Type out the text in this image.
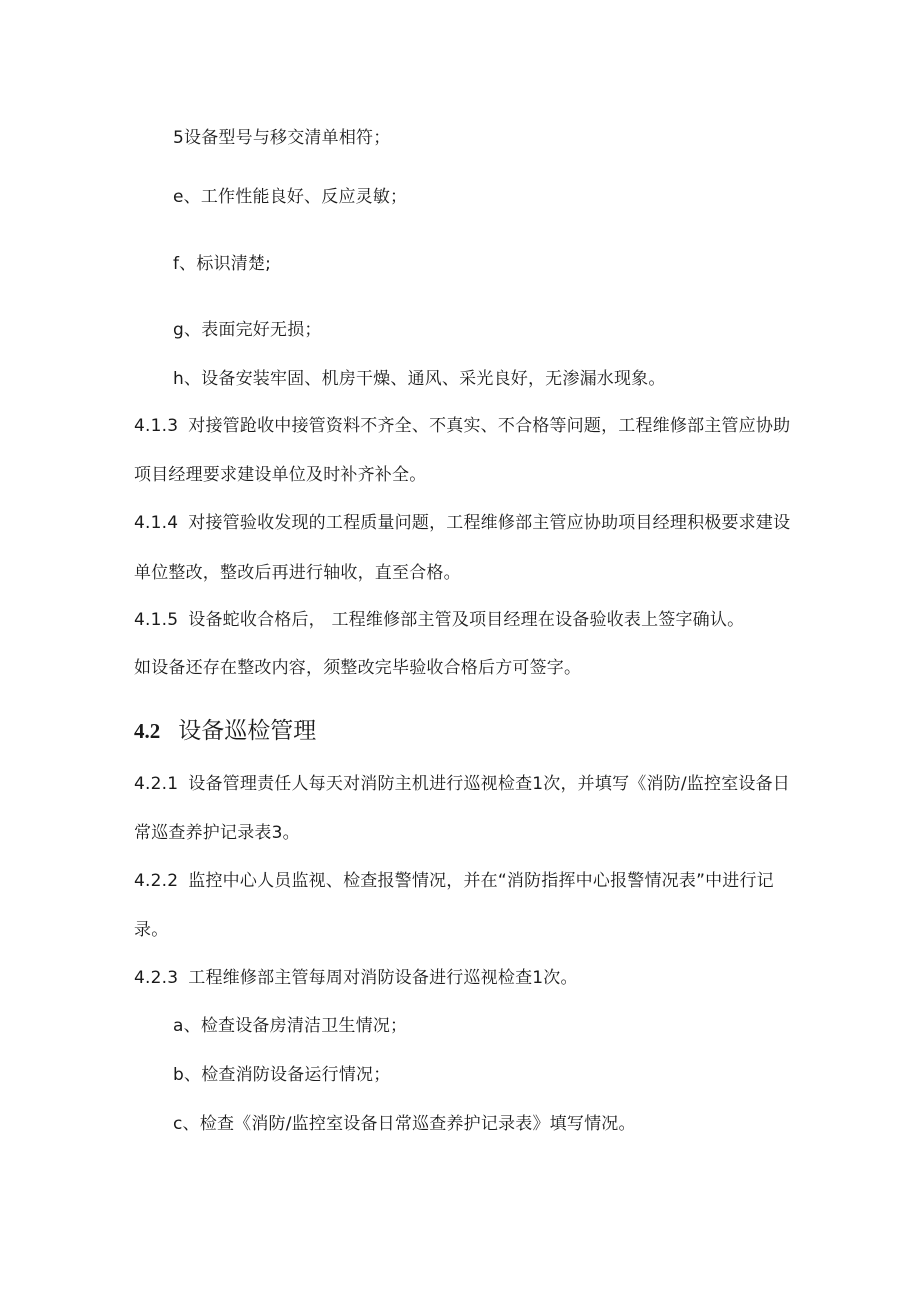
5设备型号与移交清单相符；
e、工作性能良好、反应灵敏；
f、标识清楚;
g、表面完好无损；
h、设备安装牢固、机房干燥、通风、采光良好，无渗漏水现象。
4.1.3 对接管跄收中接管资料不齐全、不真实、不合格等问题，工程维修部主管应协助
项目经理要求建设单位及时补齐补全。
4.1.4 对接管验收发现的工程质量问题，工程维修部主管应协助项目经理积极要求建设
单位整改，整改后再进行轴收，直至合格。
4.1.5 设备蛇收合格后， 工程维修部主管及项目经理在设备验收表上签字确认。
如设备还存在整改内容，须整改完毕验收合格后方可签字。
4.2 设备巡检管理
4.2.1 设备管理责任人每天对消防主机进行巡视检查1次，并填写《消防/监控室设备日
常巡查养护记录表3。
4.2.2 监控中心人员监视、检查报警情况，并在“消防指挥中心报警情况表”中进行记
录。
4.2.3 工程维修部主管每周对消防设备进行巡视检查1次。
a、检查设备房清洁卫生情况；
b、检查消防设备运行情况；
c、检查《消防/监控室设备日常巡查养护记录表》填写情况。
